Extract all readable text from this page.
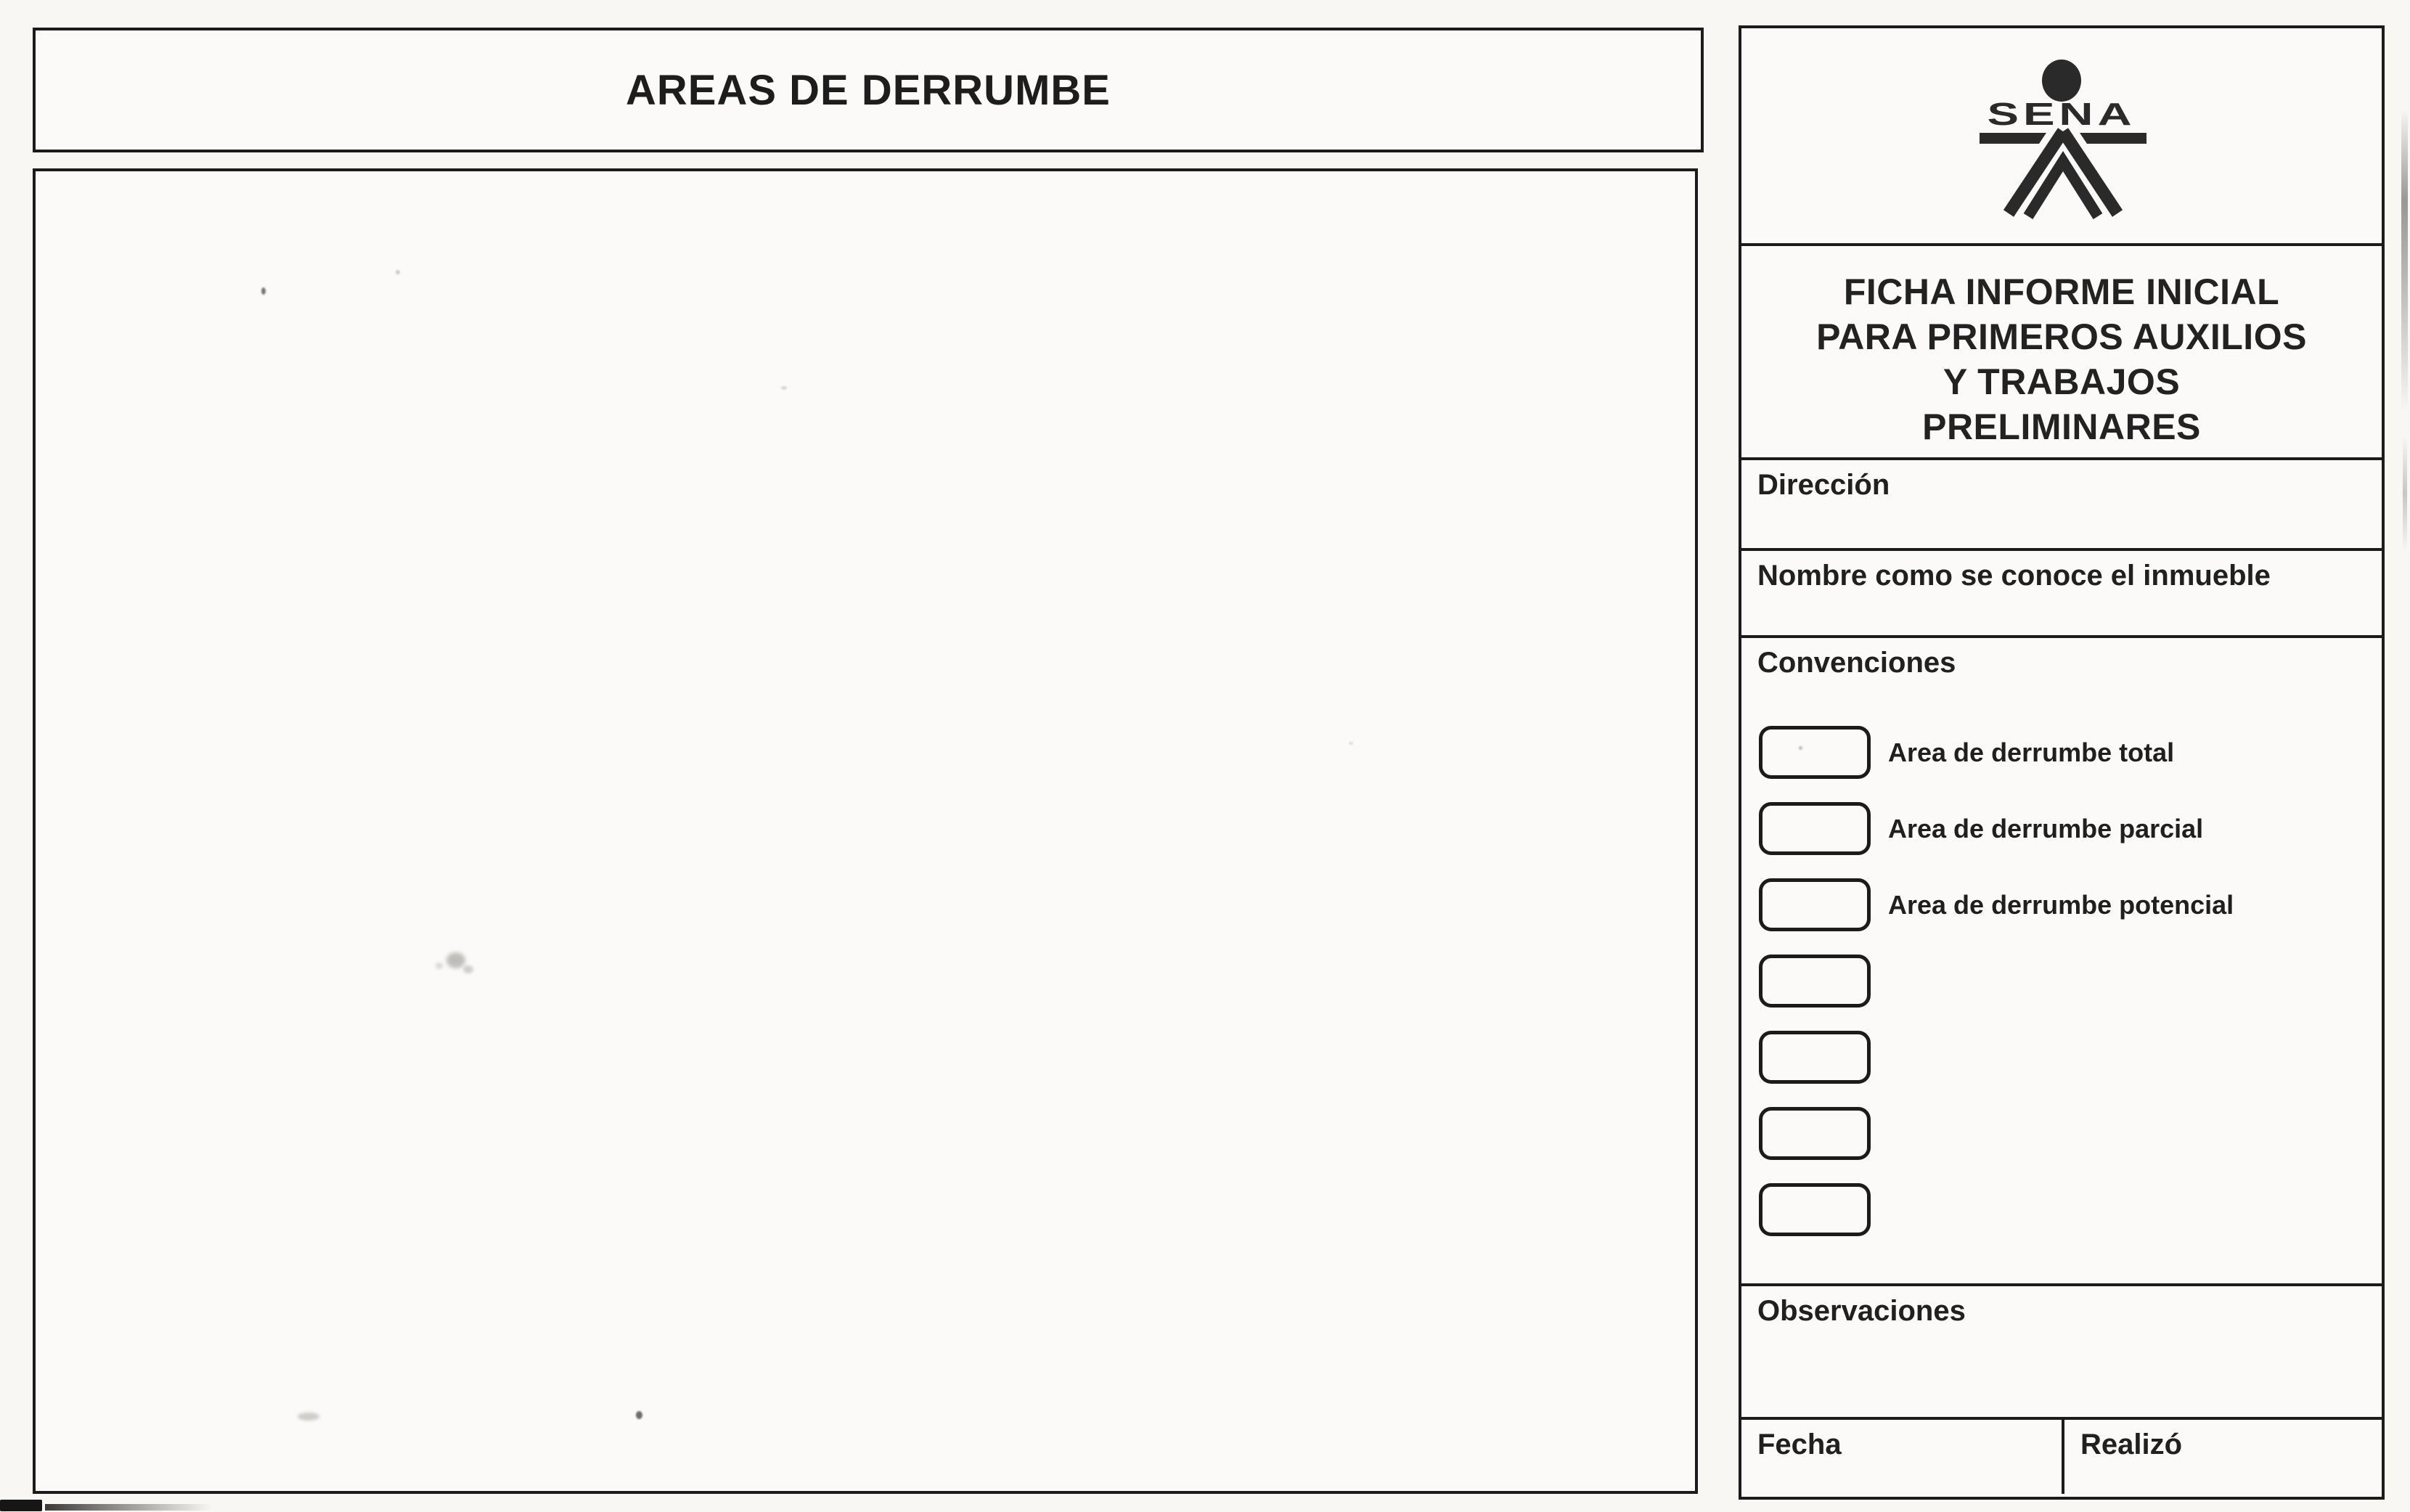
AREAS DE DERRUMBE
SENA
FICHA INFORME INICIAL
PARA PRIMEROS AUXILIOS
Y TRABAJOS
PRELIMINARES
Dirección
Nombre como se conoce el inmueble
Convenciones
Area de derrumbe total
Area de derrumbe parcial
Area de derrumbe potencial
Observaciones
Fecha	Realizó
